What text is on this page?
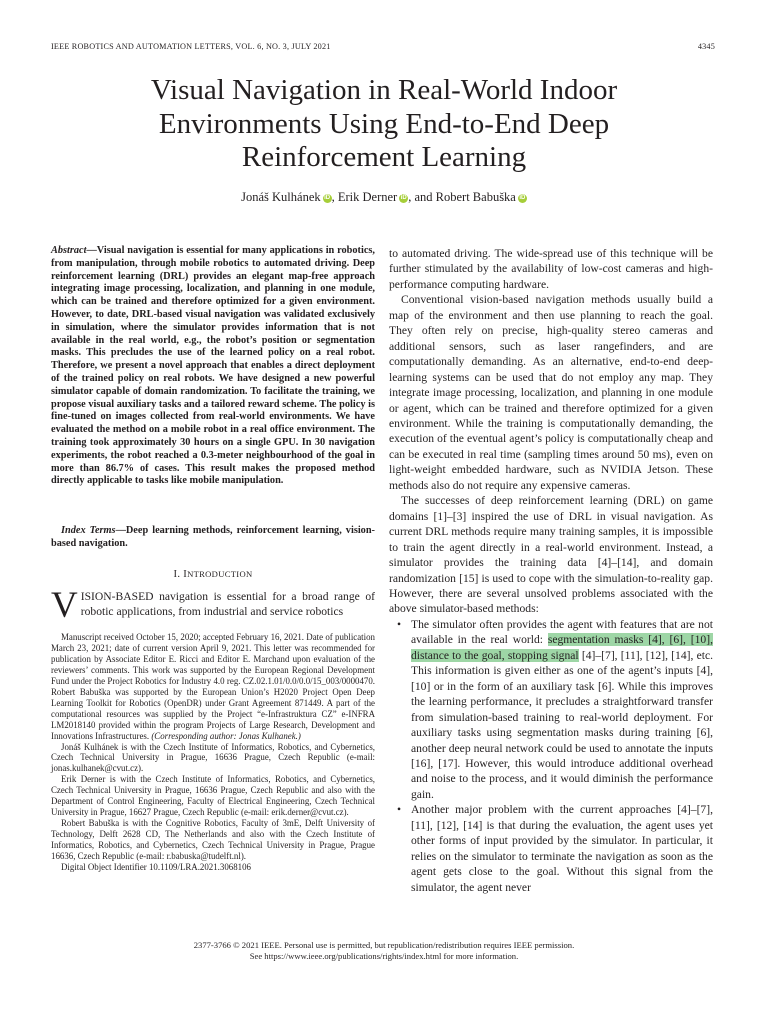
IEEE ROBOTICS AND AUTOMATION LETTERS, VOL. 6, NO. 3, JULY 2021	4345
Visual Navigation in Real-World Indoor Environments Using End-to-End Deep Reinforcement Learning
Jonáš Kulhánek iD , Erik Derner iD , and Robert Babuška iD
Abstract—Visual navigation is essential for many applications in robotics, from manipulation, through mobile robotics to automated driving. Deep reinforcement learning (DRL) provides an elegant map-free approach integrating image processing, localization, and planning in one module, which can be trained and therefore optimized for a given environment. However, to date, DRL-based visual navigation was validated exclusively in simulation, where the simulator provides information that is not available in the real world, e.g., the robot’s position or segmentation masks. This precludes the use of the learned policy on a real robot. Therefore, we present a novel approach that enables a direct deployment of the trained policy on real robots. We have designed a new powerful simulator capable of domain randomization. To facilitate the training, we propose visual auxiliary tasks and a tailored reward scheme. The policy is fine-tuned on images collected from real-world environments. We have evaluated the method on a mobile robot in a real office environment. The training took approximately 30 hours on a single GPU. In 30 navigation experiments, the robot reached a 0.3-meter neighbourhood of the goal in more than 86.7% of cases. This result makes the proposed method directly applicable to tasks like mobile manipulation.
Index Terms—Deep learning methods, reinforcement learning, vision-based navigation.
I. INTRODUCTION
VISION-BASED navigation is essential for a broad range of robotic applications, from industrial and service robotics

Manuscript received October 15, 2020; accepted February 16, 2021. Date of publication March 23, 2021; date of current version April 9, 2021. This letter was recommended for publication by Associate Editor E. Ricci and Editor E. Marchand upon evaluation of the reviewers’ comments. This work was supported by the European Regional Development Fund under the Project Robotics for Industry 4.0 reg. CZ.02.1.01/0.0/0.0/15_003/0000470. Robert Babuška was supported by the European Union’s H2020 Project Open Deep Learning Toolkit for Robotics (OpenDR) under Grant Agreement 871449. A part of the computational resources was supplied by the Project “e-Infrastruktura CZ” e-INFRA LM2018140 provided within the program Projects of Large Research, Development and Innovations Infrastructures. (Corresponding author: Jonas Kulhanek.)

Jonáš Kulhánek is with the Czech Institute of Informatics, Robotics, and Cybernetics, Czech Technical University in Prague, 16636 Prague, Czech Republic (e-mail: jonas.kulhanek@cvut.cz).

Erik Derner is with the Czech Institute of Informatics, Robotics, and Cybernetics, Czech Technical University in Prague, 16636 Prague, Czech Republic and also with the Department of Control Engineering, Faculty of Electrical Engineering, Czech Technical University in Prague, 16627 Prague, Czech Republic (e-mail: erik.derner@cvut.cz).

Robert Babuška is with the Cognitive Robotics, Faculty of 3mE, Delft University of Technology, Delft 2628 CD, The Netherlands and also with the Czech Institute of Informatics, Robotics, and Cybernetics, Czech Technical University in Prague, Prague 16636, Czech Republic (e-mail: r.babuska@tudelft.nl).

Digital Object Identifier 10.1109/LRA.2021.3068106

to automated driving. The wide-spread use of this technique will be further stimulated by the availability of low-cost cameras and high-performance computing hardware.

Conventional vision-based navigation methods usually build a map of the environment and then use planning to reach the goal. They often rely on precise, high-quality stereo cameras and additional sensors, such as laser rangefinders, and are computationally demanding. As an alternative, end-to-end deep-learning systems can be used that do not employ any map. They integrate image processing, localization, and planning in one module or agent, which can be trained and therefore optimized for a given environment. While the training is computationally demanding, the execution of the eventual agent’s policy is computationally cheap and can be executed in real time (sampling times around 50 ms), even on light-weight embedded hardware, such as NVIDIA Jetson. These methods also do not require any expensive cameras.

The successes of deep reinforcement learning (DRL) on game domains [1]–[3] inspired the use of DRL in visual navigation. As current DRL methods require many training samples, it is impossible to train the agent directly in a real-world environment. Instead, a simulator provides the training data [4]–[14], and domain randomization [15] is used to cope with the simulation-to-reality gap. However, there are several unsolved problems associated with the above simulator-based methods:

• The simulator often provides the agent with features that are not available in the real world: segmentation masks [4], [6], [10], distance to the goal, stopping signal [4]–[7], [11], [12], [14], etc. This information is given either as one of the agent’s inputs [4], [10] or in the form of an auxiliary task [6]. While this improves the learning performance, it precludes a straightforward transfer from simulation-based training to real-world deployment. For auxiliary tasks using segmentation masks during training [6], another deep neural network could be used to annotate the inputs [16], [17]. However, this would introduce additional overhead and noise to the process, and it would diminish the performance gain.
• Another major problem with the current approaches [4]–[7], [11], [12], [14] is that during the evaluation, the agent uses yet other forms of input provided by the simulator. In particular, it relies on the simulator to terminate the navigation as soon as the agent gets close to the goal. Without this signal from the simulator, the agent never
2377-3766 © 2021 IEEE. Personal use is permitted, but republication/redistribution requires IEEE permission.
See https://www.ieee.org/publications/rights/index.html for more information.
